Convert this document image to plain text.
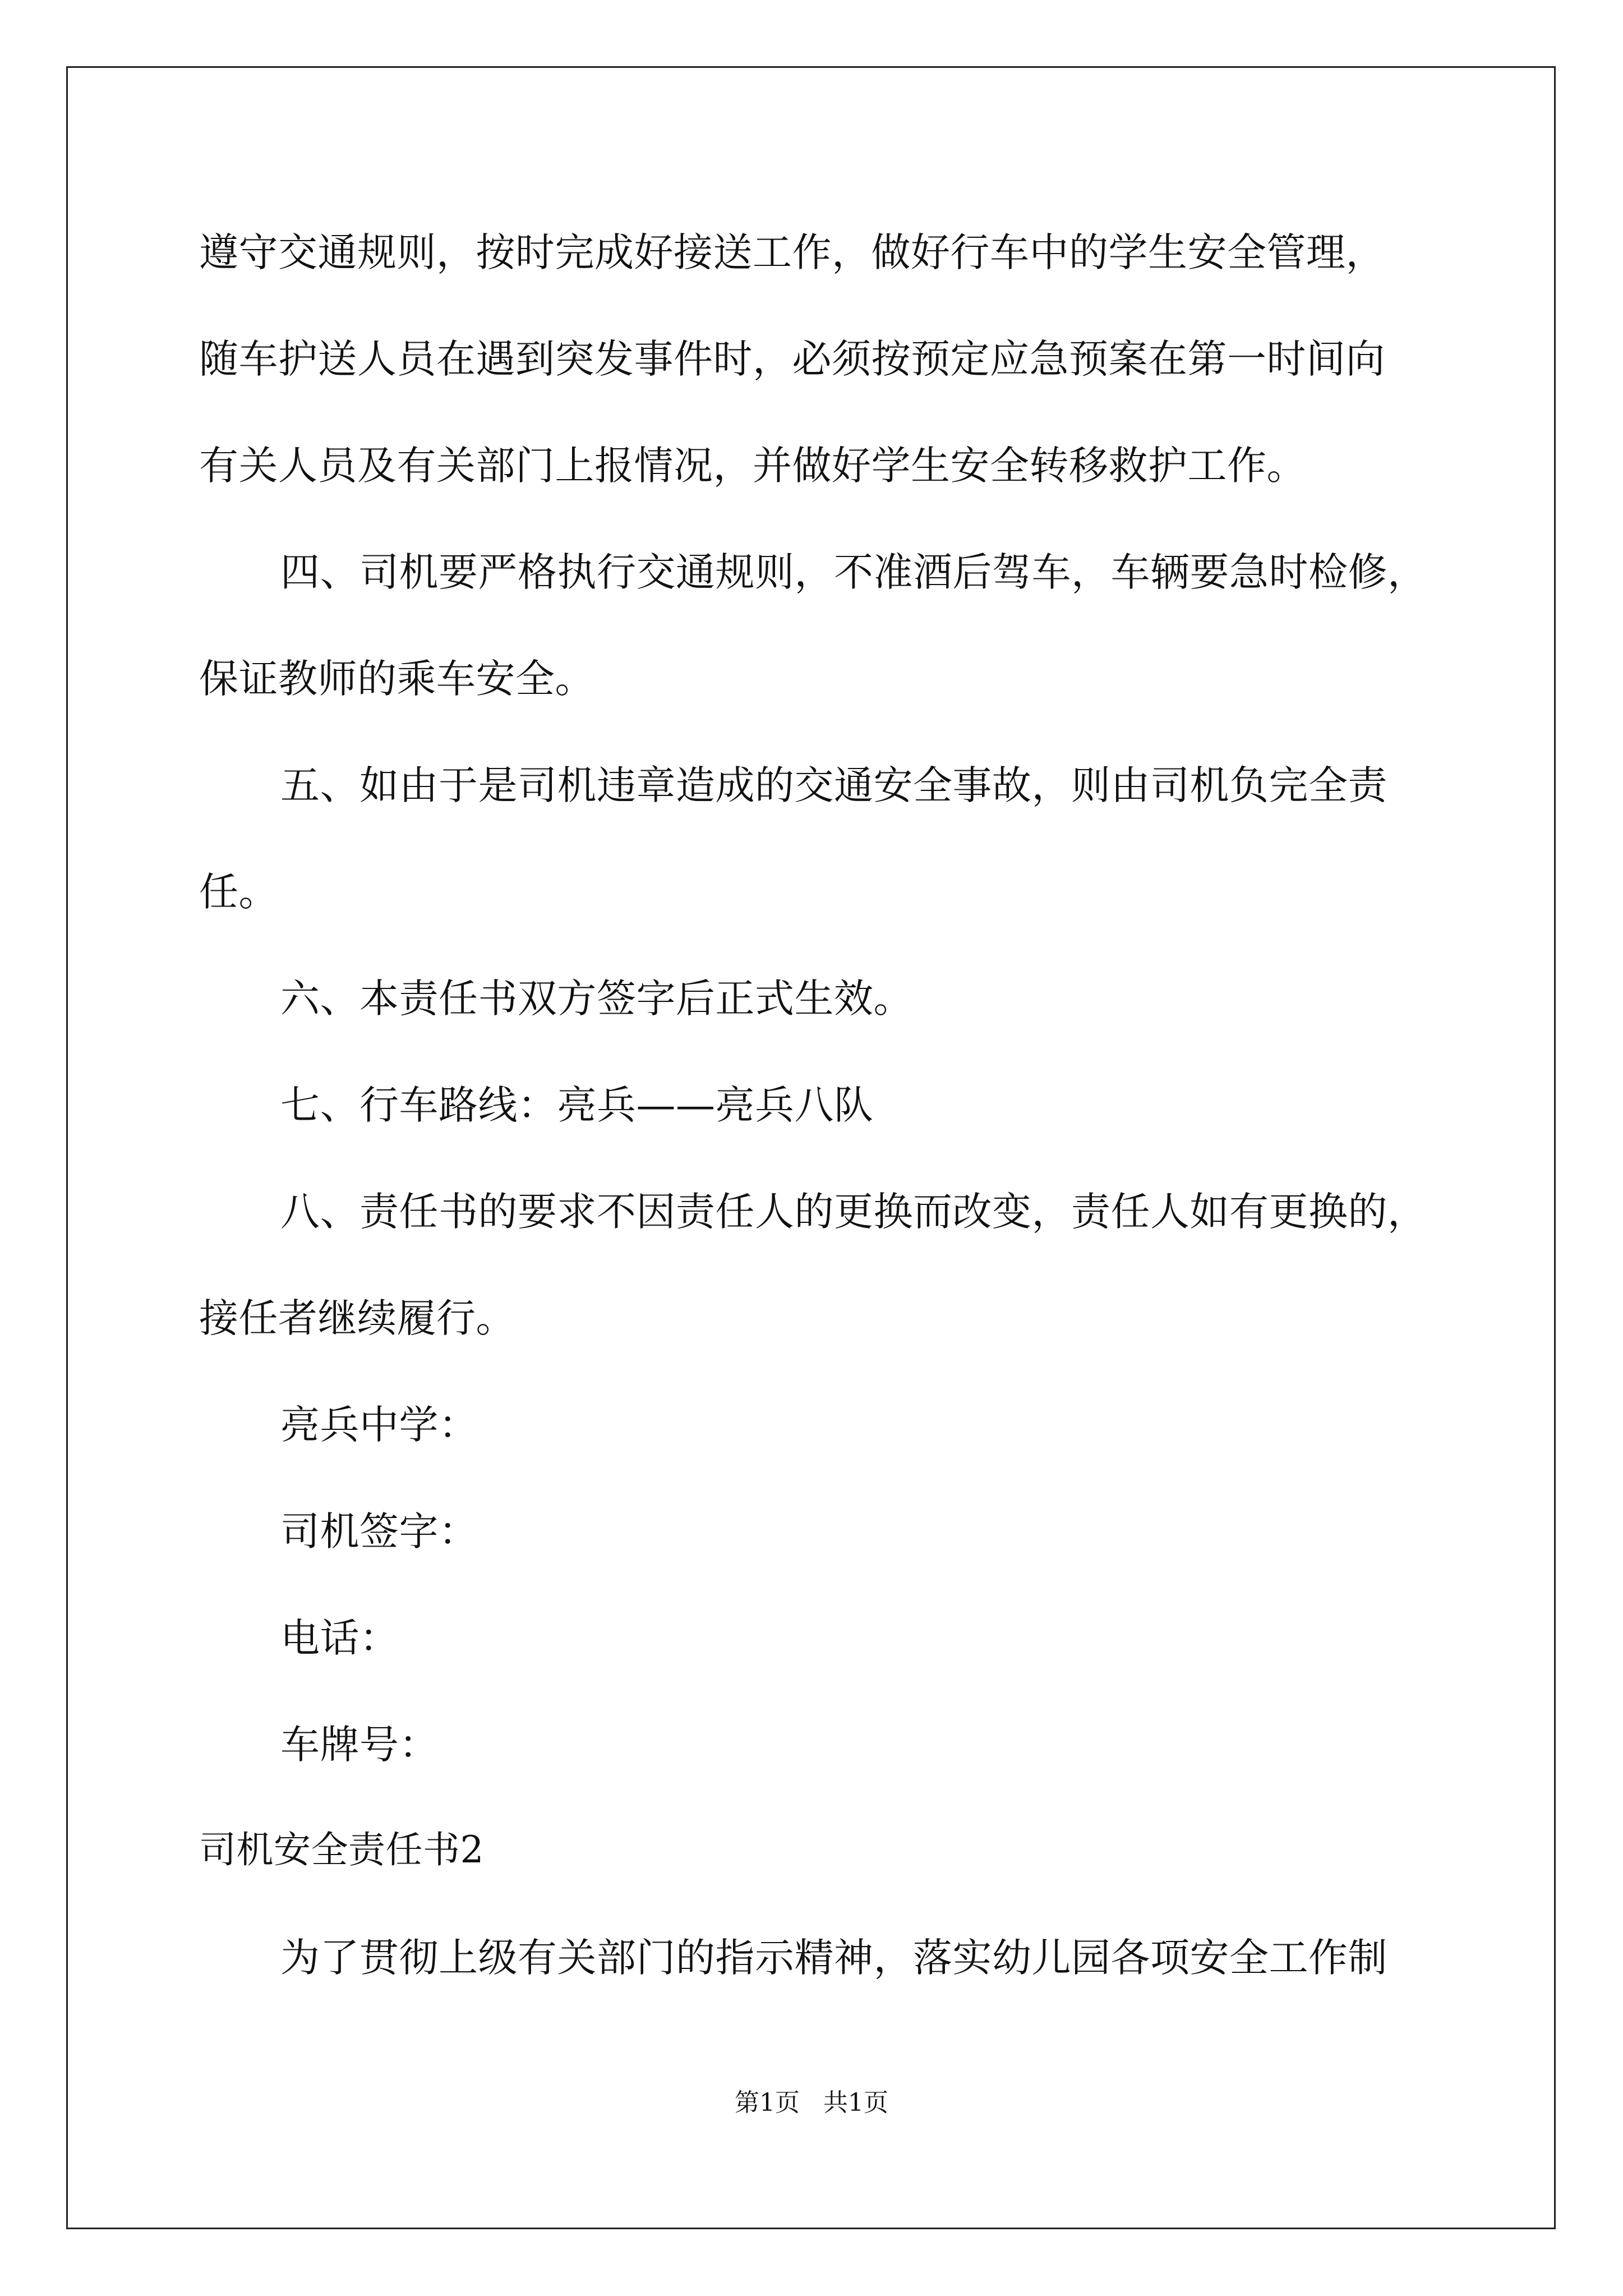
遵守交通规则，按时完成好接送工作，做好行车中的学生安全管理，
随车护送人员在遇到突发事件时，必须按预定应急预案在第一时间向
有关人员及有关部门上报情况，并做好学生安全转移救护工作。
四、司机要严格执行交通规则，不准酒后驾车，车辆要急时检修，
保证教师的乘车安全。
五、如由于是司机违章造成的交通安全事故，则由司机负完全责
任。
六、本责任书双方签字后正式生效。
七、行车路线：亮兵——亮兵八队
八、责任书的要求不因责任人的更换而改变，责任人如有更换的，
接任者继续履行。
亮兵中学：
司机签字：
电话：
车牌号：
司机安全责任书2
为了贯彻上级有关部门的指示精神，落实幼儿园各项安全工作制
第1页   共1页
